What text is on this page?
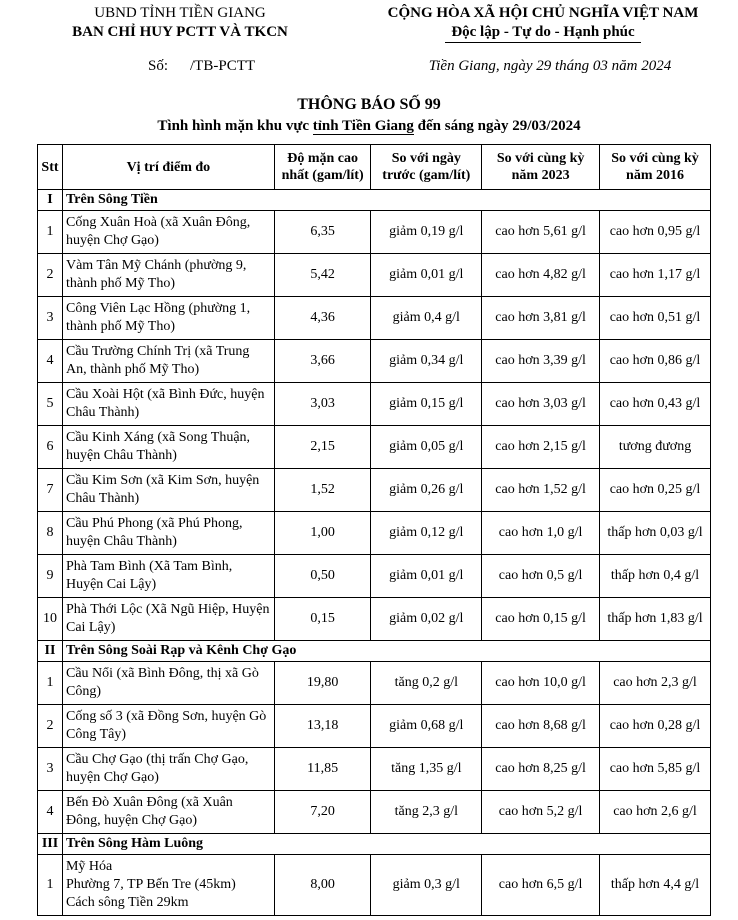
UBND TỈNH TIỀN GIANG
BAN CHỈ HUY PCTT VÀ TKCN
CỘNG HÒA XÃ HỘI CHỦ NGHĨA VIỆT NAM
Độc lập - Tự do - Hạnh phúc
Số: /TB-PCTT	Tiền Giang, ngày 29 tháng 03 năm 2024
THÔNG BÁO SỐ 99
Tình hình mặn khu vực tỉnh Tiền Giang đến sáng ngày 29/03/2024
Stt	Vị trí điểm đo	Độ mặn cao nhất (gam/lít)	So với ngày trước (gam/lít)	So với cùng kỳ năm 2023	So với cùng kỳ năm 2016
I	Trên Sông Tiền				
1	Cống Xuân Hoà (xã Xuân Đông, huyện Chợ Gạo)	6,35	giảm 0,19 g/l	cao hơn 5,61 g/l	cao hơn 0,95 g/l
2	Vàm Tân Mỹ Chánh (phường 9, thành phố Mỹ Tho)	5,42	giảm 0,01 g/l	cao hơn 4,82 g/l	cao hơn 1,17 g/l
3	Công Viên Lạc Hồng (phường 1, thành phố Mỹ Tho)	4,36	giảm 0,4 g/l	cao hơn 3,81 g/l	cao hơn 0,51 g/l
4	Cầu Trường Chính Trị (xã Trung An, thành phố Mỹ Tho)	3,66	giảm 0,34 g/l	cao hơn 3,39 g/l	cao hơn 0,86 g/l
5	Cầu Xoài Hột (xã Bình Đức, huyện Châu Thành)	3,03	giảm 0,15 g/l	cao hơn 3,03 g/l	cao hơn 0,43 g/l
6	Cầu Kinh Xáng (xã Song Thuận, huyện Châu Thành)	2,15	giảm 0,05 g/l	cao hơn 2,15 g/l	tương đương
7	Cầu Kim Sơn (xã Kim Sơn, huyện Châu Thành)	1,52	giảm 0,26 g/l	cao hơn 1,52 g/l	cao hơn 0,25 g/l
8	Cầu Phú Phong (xã Phú Phong, huyện Châu Thành)	1,00	giảm 0,12 g/l	cao hơn 1,0 g/l	thấp hơn 0,03 g/l
9	Phà Tam Bình (Xã Tam Bình, Huyện Cai Lậy)	0,50	giảm 0,01 g/l	cao hơn 0,5 g/l	thấp hơn 0,4 g/l
10	Phà Thới Lộc (Xã Ngũ Hiệp, Huyện Cai Lậy)	0,15	giảm 0,02 g/l	cao hơn 0,15 g/l	thấp hơn 1,83 g/l
II	Trên Sông Soài Rạp và Kênh Chợ Gạo				
1	Cầu Nổi (xã Bình Đông, thị xã Gò Công)	19,80	tăng 0,2 g/l	cao hơn 10,0 g/l	cao hơn 2,3 g/l
2	Cống số 3 (xã Đồng Sơn, huyện Gò Công Tây)	13,18	giảm 0,68 g/l	cao hơn 8,68 g/l	cao hơn 0,28 g/l
3	Cầu Chợ Gạo (thị trấn Chợ Gạo, huyện Chợ Gạo)	11,85	tăng 1,35 g/l	cao hơn 8,25 g/l	cao hơn 5,85 g/l
4	Bến Đò Xuân Đông (xã Xuân Đông, huyện Chợ Gạo)	7,20	tăng 2,3 g/l	cao hơn 5,2 g/l	cao hơn 2,6 g/l
III	Trên Sông Hàm Luông				
1	Mỹ Hóa
Phường 7, TP Bến Tre (45km)
Cách sông Tiền 29km	8,00	giảm 0,3 g/l	cao hơn 6,5 g/l	thấp hơn 4,4 g/l
